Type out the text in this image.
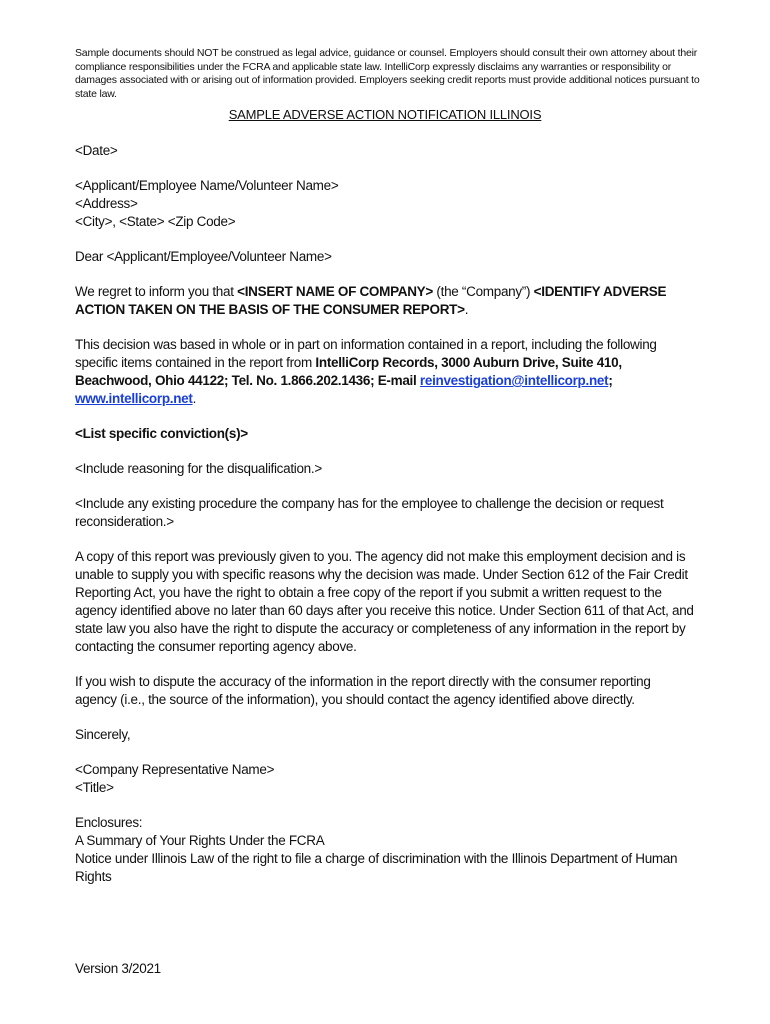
Sample documents should NOT be construed as legal advice, guidance or counsel. Employers should consult their own attorney about their compliance responsibilities under the FCRA and applicable state law. IntelliCorp expressly disclaims any warranties or responsibility or damages associated with or arising out of information provided. Employers seeking credit reports must provide additional notices pursuant to state law.

SAMPLE ADVERSE ACTION NOTIFICATION ILLINOIS

<Date>

<Applicant/Employee Name/Volunteer Name>
<Address>
<City>, <State> <Zip Code>

Dear <Applicant/Employee/Volunteer Name>

We regret to inform you that <INSERT NAME OF COMPANY> (the “Company”) <IDENTIFY ADVERSE ACTION TAKEN ON THE BASIS OF THE CONSUMER REPORT>.

This decision was based in whole or in part on information contained in a report, including the following specific items contained in the report from IntelliCorp Records, 3000 Auburn Drive, Suite 410, Beachwood, Ohio 44122; Tel. No. 1.866.202.1436; E-mail reinvestigation@intellicorp.net; www.intellicorp.net.

<List specific conviction(s)>

<Include reasoning for the disqualification.>

<Include any existing procedure the company has for the employee to challenge the decision or request reconsideration.>

A copy of this report was previously given to you. The agency did not make this employment decision and is unable to supply you with specific reasons why the decision was made. Under Section 612 of the Fair Credit Reporting Act, you have the right to obtain a free copy of the report if you submit a written request to the agency identified above no later than 60 days after you receive this notice. Under Section 611 of that Act, and state law you also have the right to dispute the accuracy or completeness of any information in the report by contacting the consumer reporting agency above.

If you wish to dispute the accuracy of the information in the report directly with the consumer reporting agency (i.e., the source of the information), you should contact the agency identified above directly.

Sincerely,

<Company Representative Name>
<Title>

Enclosures:
A Summary of Your Rights Under the FCRA
Notice under Illinois Law of the right to file a charge of discrimination with the Illinois Department of Human Rights

Version 3/2021
